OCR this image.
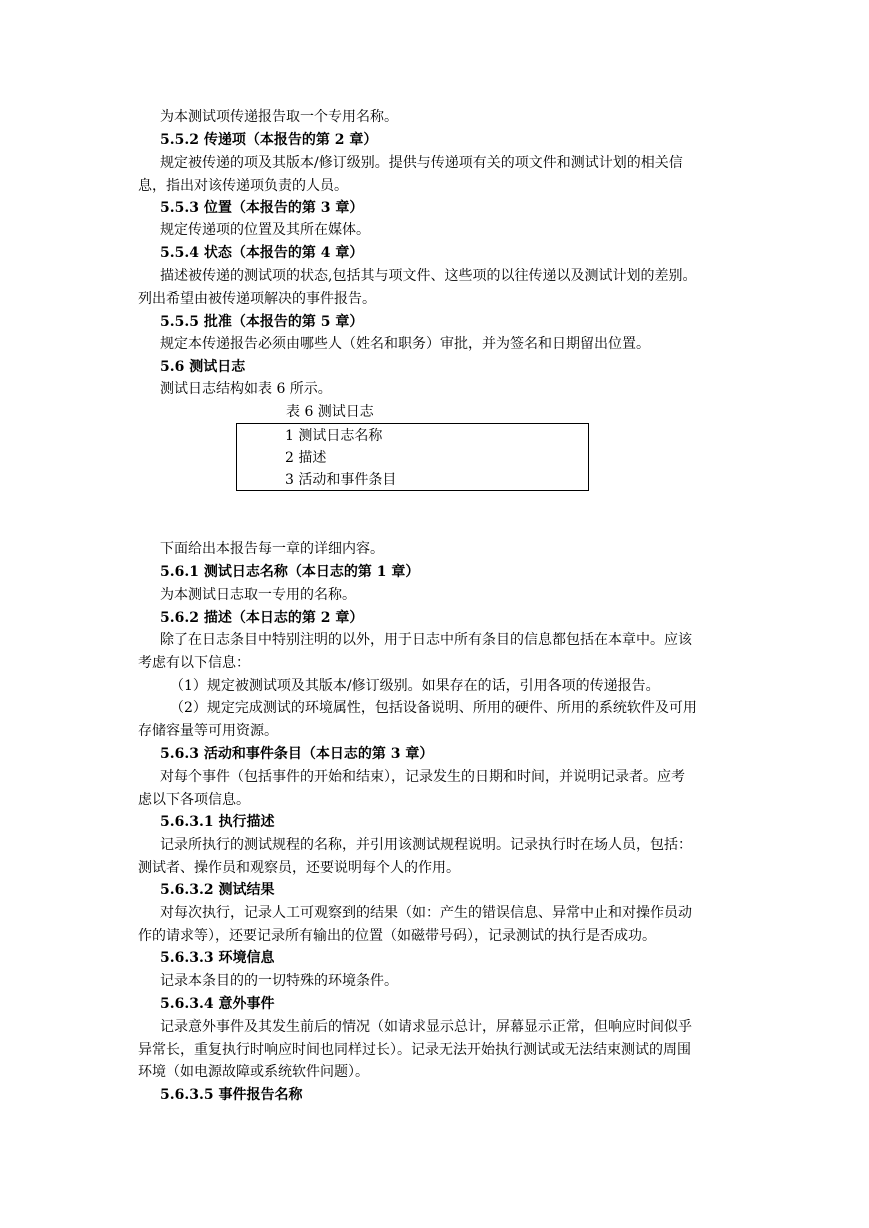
为本测试项传递报告取一个专用名称。
5.5.2 传递项（本报告的第 2 章）
规定被传递的项及其版本/修订级别。提供与传递项有关的项文件和测试计划的相关信
息，指出对该传递项负责的人员。
5.5.3 位置（本报告的第 3 章）
规定传递项的位置及其所在媒体。
5.5.4 状态（本报告的第 4 章）
描述被传递的测试项的状态,包括其与项文件、这些项的以往传递以及测试计划的差别。
列出希望由被传递项解决的事件报告。
5.5.5 批准（本报告的第 5 章）
规定本传递报告必须由哪些人（姓名和职务）审批，并为签名和日期留出位置。
5.6 测试日志
测试日志结构如表 6 所示。
下面给出本报告每一章的详细内容。
5.6.1 测试日志名称（本日志的第 1 章）
为本测试日志取一专用的名称。
5.6.2 描述（本日志的第 2 章）
除了在日志条目中特别注明的以外，用于日志中所有条目的信息都包括在本章中。应该
考虑有以下信息：
（1）规定被测试项及其版本/修订级别。如果存在的话，引用各项的传递报告。
（2）规定完成测试的环境属性，包括设备说明、所用的硬件、所用的系统软件及可用
存储容量等可用资源。
5.6.3 活动和事件条目（本日志的第 3 章）
对每个事件（包括事件的开始和结束），记录发生的日期和时间，并说明记录者。应考
虑以下各项信息。
5.6.3.1 执行描述
记录所执行的测试规程的名称，并引用该测试规程说明。记录执行时在场人员，包括：
测试者、操作员和观察员，还要说明每个人的作用。
5.6.3.2 测试结果
对每次执行，记录人工可观察到的结果（如：产生的错误信息、异常中止和对操作员动
作的请求等），还要记录所有输出的位置（如磁带号码），记录测试的执行是否成功。
5.6.3.3 环境信息
记录本条目的的一切特殊的环境条件。
5.6.3.4 意外事件
记录意外事件及其发生前后的情况（如请求显示总计，屏幕显示正常，但响应时间似乎
异常长，重复执行时响应时间也同样过长）。记录无法开始执行测试或无法结束测试的周围
环境（如电源故障或系统软件问题）。
5.6.3.5 事件报告名称
表 6 测试日志
1 测试日志名称
2 描述
3 活动和事件条目
